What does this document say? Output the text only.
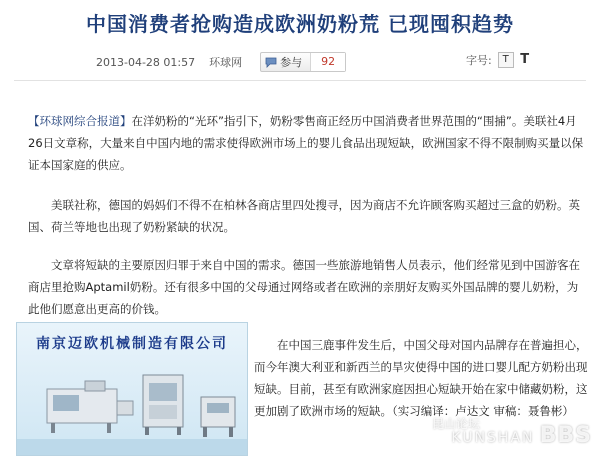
中国消费者抢购造成欧洲奶粉荒 已现囤积趋势
2013-04-28 01:57 环球网	参与	92	字号:	T T

【环球网综合报道】在洋奶粉的“光环”指引下，奶粉零售商正经历中国消费者世界范围的“围捕”。美联社4月26日文章称，大量来自中国内地的需求使得欧洲市场上的婴儿食品出现短缺，欧洲国家不得不限制购买量以保证本国家庭的供应。

　　美联社称，德国的妈妈们不得不在柏林各商店里四处搜寻，因为商店不允许顾客购买超过三盒的奶粉。英国、荷兰等地也出现了奶粉紧缺的状况。

　　文章将短缺的主要原因归罪于来自中国的需求。德国一些旅游地销售人员表示，他们经常见到中国游客在商店里抢购Aptamil奶粉。还有很多中国的父母通过网络或者在欧洲的亲朋好友购买外国品牌的婴儿奶粉，为此他们愿意出更高的价钱。

南京迈欧机械制造有限公司

　　	在中国三鹿事件发生后，中国父母对国内品牌存在普遍担心，而今年澳大利亚和新西兰的旱灾使得中国的进口婴儿配方奶粉出现短缺。目前，甚至有欧洲家庭因担心短缺开始在家中储藏奶粉，这更加剧了欧洲市场的短缺。（实习编译：卢达文 审稿：聂鲁彬）

昆山论坛
KUNSHAN BBS
